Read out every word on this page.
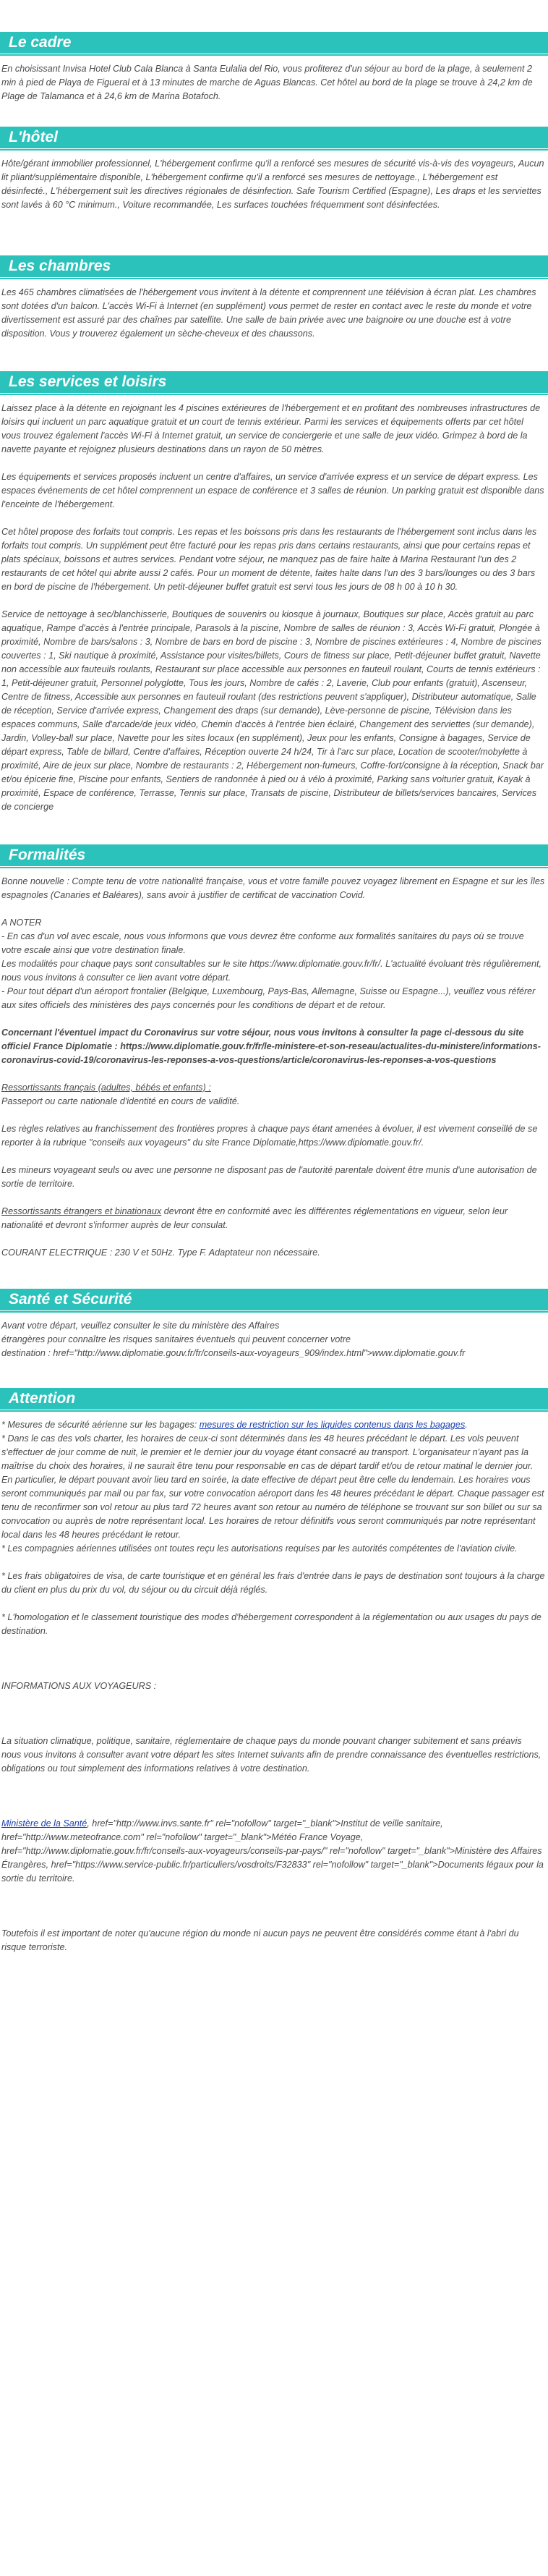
Le cadre

En choisissant Invisa Hotel Club Cala Blanca à Santa Eulalia del Rio, vous profiterez d'un séjour au bord de la plage, à seulement 2 min à pied de Playa de Figueral et à 13 minutes de marche de Aguas Blancas. Cet hôtel au bord de la plage se trouve à 24,2 km de Plage de Talamanca et à 24,6 km de Marina Botafoch.

L'hôtel

Hôte/gérant immobilier professionnel, L'hébergement confirme qu'il a renforcé ses mesures de sécurité vis-à-vis des voyageurs, Aucun lit pliant/supplémentaire disponible, L'hébergement confirme qu'il a renforcé ses mesures de nettoyage., L'hébergement est désinfecté., L'hébergement suit les directives régionales de désinfection. Safe Tourism Certified (Espagne), Les draps et les serviettes sont lavés à 60 °C minimum., Voiture recommandée, Les surfaces touchées fréquemment sont désinfectées.

Les chambres

Les 465 chambres climatisées de l'hébergement vous invitent à la détente et comprennent une télévision à écran plat. Les chambres sont dotées d'un balcon. L'accès Wi-Fi à Internet (en supplément) vous permet de rester en contact avec le reste du monde et votre divertissement est assuré par des chaînes par satellite. Une salle de bain privée avec une baignoire ou une douche est à votre disposition. Vous y trouverez également un sèche-cheveux et des chaussons.

Les services et loisirs

Laissez place à la détente en rejoignant les 4 piscines extérieures de l'hébergement et en profitant des nombreuses infrastructures de loisirs qui incluent un parc aquatique gratuit et un court de tennis extérieur. Parmi les services et équipements offerts par cet hôtel vous trouvez également l'accès Wi-Fi à Internet gratuit, un service de conciergerie et une salle de jeux vidéo. Grimpez à bord de la navette payante et rejoignez plusieurs destinations dans un rayon de 50 mètres.

Les équipements et services proposés incluent un centre d'affaires, un service d'arrivée express et un service de départ express. Les espaces événements de cet hôtel comprennent un espace de conférence et 3 salles de réunion. Un parking gratuit est disponible dans l'enceinte de l'hébergement.

Cet hôtel propose des forfaits tout compris. Les repas et les boissons pris dans les restaurants de l'hébergement sont inclus dans les forfaits tout compris. Un supplément peut être facturé pour les repas pris dans certains restaurants, ainsi que pour certains repas et plats spéciaux, boissons et autres services. Pendant votre séjour, ne manquez pas de faire halte à Marina Restaurant l'un des 2 restaurants de cet hôtel qui abrite aussi 2 cafés. Pour un moment de détente, faites halte dans l'un des 3 bars/lounges ou des 3 bars en bord de piscine de l'hébergement. Un petit-déjeuner buffet gratuit est servi tous les jours de 08 h 00 à 10 h 30.

Service de nettoyage à sec/blanchisserie, Boutiques de souvenirs ou kiosque à journaux, Boutiques sur place, Accès gratuit au parc aquatique, Rampe d'accès à l'entrée principale, Parasols à la piscine, Nombre de salles de réunion : 3, Accès Wi-Fi gratuit, Plongée à proximité, Nombre de bars/salons : 3, Nombre de bars en bord de piscine : 3, Nombre de piscines extérieures : 4, Nombre de piscines couvertes : 1, Ski nautique à proximité, Assistance pour visites/billets, Cours de fitness sur place, Petit-déjeuner buffet gratuit, Navette non accessible aux fauteuils roulants, Restaurant sur place accessible aux personnes en fauteuil roulant, Courts de tennis extérieurs : 1, Petit-déjeuner gratuit, Personnel polyglotte, Tous les jours, Nombre de cafés : 2, Laverie, Club pour enfants (gratuit), Ascenseur, Centre de fitness, Accessible aux personnes en fauteuil roulant (des restrictions peuvent s'appliquer), Distributeur automatique, Salle de réception, Service d'arrivée express, Changement des draps (sur demande), Lève-personne de piscine, Télévision dans les espaces communs, Salle d'arcade/de jeux vidéo, Chemin d'accès à l'entrée bien éclairé, Changement des serviettes (sur demande), Jardin, Volley-ball sur place, Navette pour les sites locaux (en supplément), Jeux pour les enfants, Consigne à bagages, Service de départ express, Table de billard, Centre d'affaires, Réception ouverte 24 h/24, Tir à l'arc sur place, Location de scooter/mobylette à proximité, Aire de jeux sur place, Nombre de restaurants : 2, Hébergement non-fumeurs, Coffre-fort/consigne à la réception, Snack bar et/ou épicerie fine, Piscine pour enfants, Sentiers de randonnée à pied ou à vélo à proximité, Parking sans voiturier gratuit, Kayak à proximité, Espace de conférence, Terrasse, Tennis sur place, Transats de piscine, Distributeur de billets/services bancaires, Services de concierge

Formalités

Bonne nouvelle : Compte tenu de votre nationalité française, vous et votre famille pouvez voyagez librement en Espagne et sur les îles espagnoles (Canaries et Baléares), sans avoir à justifier de certificat de vaccination Covid.

A NOTER

- En cas d'un vol avec escale, nous vous informons que vous devrez être conforme aux formalités sanitaires du pays où se trouve votre escale ainsi que votre destination finale.

Les modalités pour chaque pays sont consultables sur le site https://www.diplomatie.gouv.fr/fr/. L'actualité évoluant très régulièrement, nous vous invitons à consulter ce lien avant votre départ.

- Pour tout départ d'un aéroport frontalier (Belgique, Luxembourg, Pays-Bas, Allemagne, Suisse ou Espagne...), veuillez vous référer aux sites officiels des ministères des pays concernés pour les conditions de départ et de retour.

Concernant l'éventuel impact du Coronavirus sur votre séjour, nous vous invitons à consulter la page ci-dessous du site officiel France Diplomatie : https://www.diplomatie.gouv.fr/fr/le-ministere-et-son-reseau/actualites-du-ministere/informations-coronavirus-covid-19/coronavirus-les-reponses-a-vos-questions/article/coronavirus-les-reponses-a-vos-questions

Ressortissants français (adultes, bébés et enfants) :

Passeport ou carte nationale d'identité en cours de validité.

Les règles relatives au franchissement des frontières propres à chaque pays étant amenées à évoluer, il est vivement conseillé de se reporter à la rubrique "conseils aux voyageurs" du site France Diplomatie,https://www.diplomatie.gouv.fr/.

Les mineurs voyageant seuls ou avec une personne ne disposant pas de l'autorité parentale doivent être munis d'une autorisation de sortie de territoire.

Ressortissants étrangers et binationaux devront être en conformité avec les différentes réglementations en vigueur, selon leur nationalité et devront s'informer auprès de leur consulat.

COURANT ELECTRIQUE : 230 V et 50Hz. Type F. Adaptateur non nécessaire.

Santé et Sécurité

Avant votre départ, veuillez consulter le site du ministère des Affaires

étrangères pour connaître les risques sanitaires éventuels qui peuvent concerner votre

destination : href="http://www.diplomatie.gouv.fr/fr/conseils-aux-voyageurs_909/index.html">www.diplomatie.gouv.fr

Attention

* Mesures de sécurité aérienne sur les bagages: mesures de restriction sur les liquides contenus dans les bagages.

* Dans le cas des vols charter, les horaires de ceux-ci sont déterminés dans les 48 heures précédant le départ. Les vols peuvent s'effectuer de jour comme de nuit, le premier et le dernier jour du voyage étant consacré au transport. L'organisateur n'ayant pas la maîtrise du choix des horaires, il ne saurait être tenu pour responsable en cas de départ tardif et/ou de retour matinal le dernier jour. En particulier, le départ pouvant avoir lieu tard en soirée, la date effective de départ peut être celle du lendemain. Les horaires vous seront communiqués par mail ou par fax, sur votre convocation aéroport dans les 48 heures précédant le départ. Chaque passager est tenu de reconfirmer son vol retour au plus tard 72 heures avant son retour au numéro de téléphone se trouvant sur son billet ou sur sa convocation ou auprès de notre représentant local. Les horaires de retour définitifs vous seront communiqués par notre représentant local dans les 48 heures précédant le retour.

* Les compagnies aériennes utilisées ont toutes reçu les autorisations requises par les autorités compétentes de l'aviation civile.

* Les frais obligatoires de visa, de carte touristique et en général les frais d'entrée dans le pays de destination sont toujours à la charge du client en plus du prix du vol, du séjour ou du circuit déjà réglés.

* L'homologation et le classement touristique des modes d'hébergement correspondent à la réglementation ou aux usages du pays de destination.

INFORMATIONS AUX VOYAGEURS :

La situation climatique, politique, sanitaire, réglementaire de chaque pays du monde pouvant changer subitement et sans préavis

nous vous invitons à consulter avant votre départ les sites Internet suivants afin de prendre connaissance des éventuelles restrictions, obligations ou tout simplement des informations relatives à votre destination.

Ministère de la Santé, href="http://www.invs.sante.fr" rel="nofollow" target="_blank">Institut de veille sanitaire, href="http://www.meteofrance.com" rel="nofollow" target="_blank">Météo France Voyage, href="http://www.diplomatie.gouv.fr/fr/conseils-aux-voyageurs/conseils-par-pays/" rel="nofollow" target="_blank">Ministère des Affaires Étrangères, href="https://www.service-public.fr/particuliers/vosdroits/F32833" rel="nofollow" target="_blank">Documents légaux pour la sortie du territoire.

Toutefois il est important de noter qu'aucune région du monde ni aucun pays ne peuvent être considérés comme étant à l'abri du risque terroriste.
